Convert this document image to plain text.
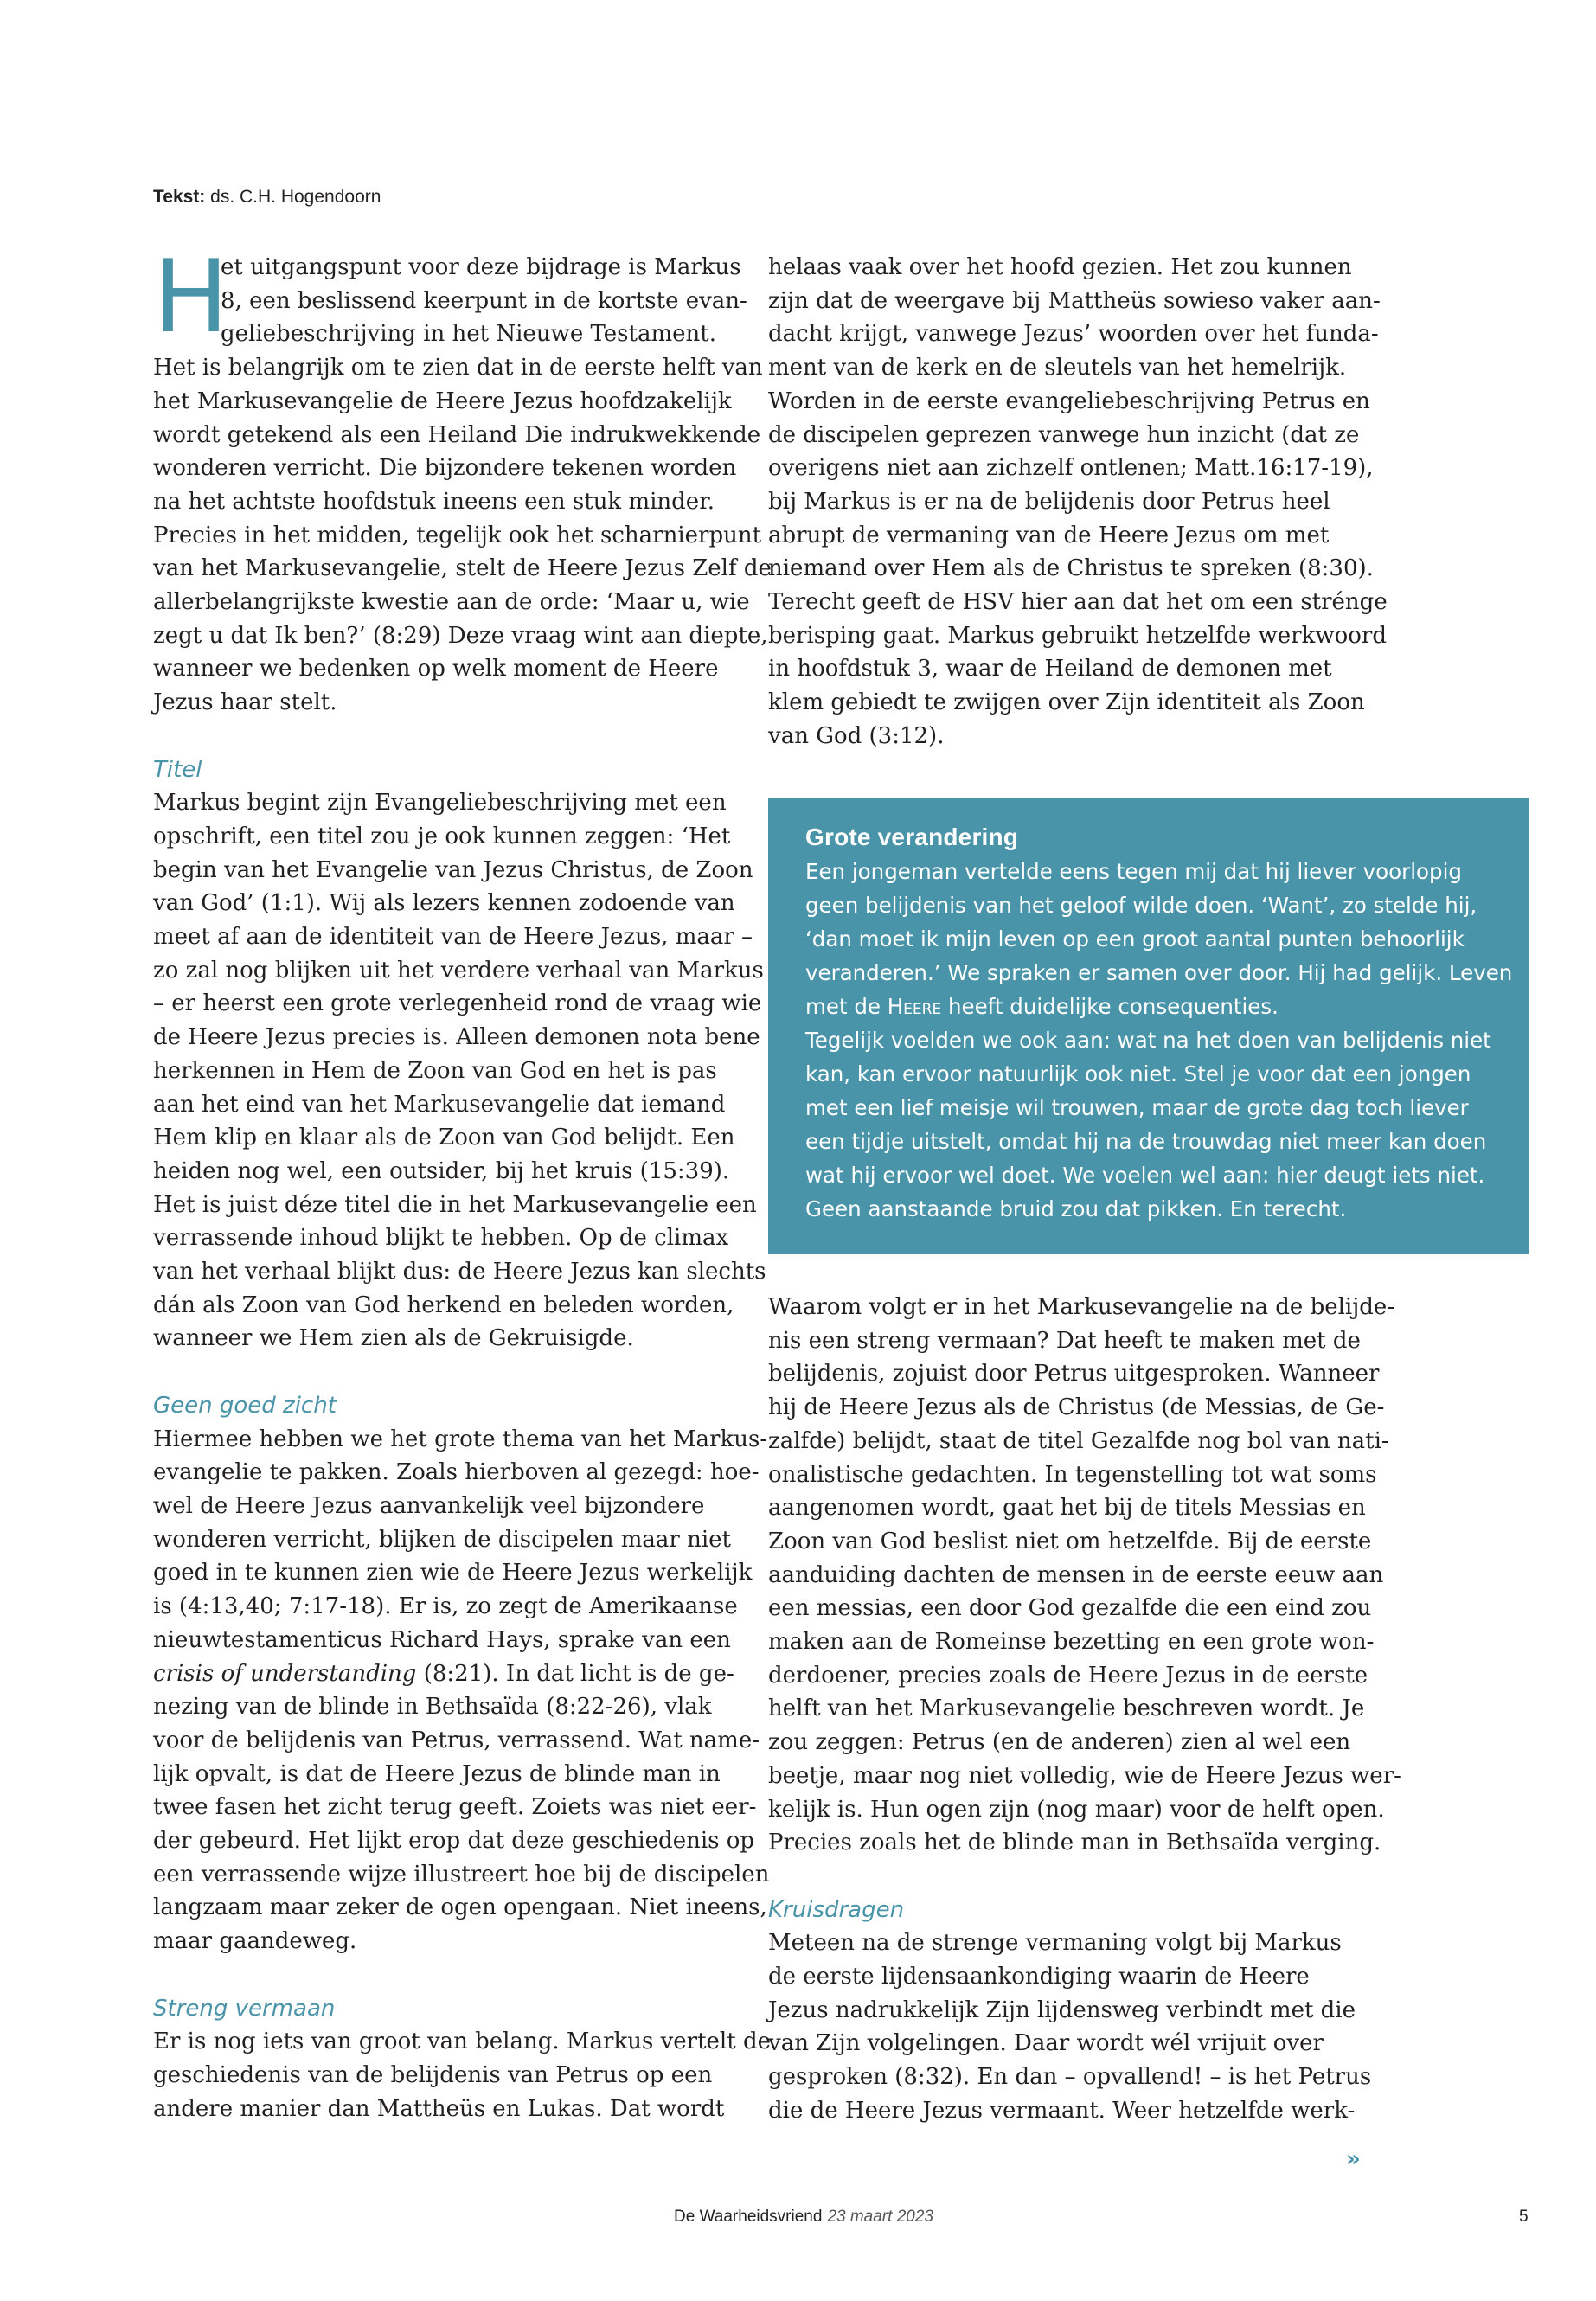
Tekst: ds. C.H. Hogendoorn
H

et uitgangspunt voor deze bijdrage is Markus

8, een beslissend keerpunt in de kortste evan-

geliebeschrijving in het Nieuwe Testament.

Het is belangrijk om te zien dat in de eerste helft van

het Markusevangelie de Heere Jezus hoofdzakelijk

wordt getekend als een Heiland Die indrukwekkende

wonderen verricht. Die bijzondere tekenen worden

na het achtste hoofdstuk ineens een stuk minder.

Precies in het midden, tegelijk ook het scharnierpunt

van het Markusevangelie, stelt de Heere Jezus Zelf de

allerbelangrijkste kwestie aan de orde: ‘Maar u, wie

zegt u dat Ik ben?’ (8:29) Deze vraag wint aan diepte,

wanneer we bedenken op welk moment de Heere

Jezus haar stelt.

Titel

Markus begint zijn Evangeliebeschrijving met een

opschrift, een titel zou je ook kunnen zeggen: ‘Het

begin van het Evangelie van Jezus Christus, de Zoon

van God’ (1:1). Wij als lezers kennen zodoende van

meet af aan de identiteit van de Heere Jezus, maar –

zo zal nog blijken uit het verdere verhaal van Markus

– er heerst een grote verlegenheid rond de vraag wie

de Heere Jezus precies is. Alleen demonen nota bene

herkennen in Hem de Zoon van God en het is pas

aan het eind van het Markusevangelie dat iemand

Hem klip en klaar als de Zoon van God belijdt. Een

heiden nog wel, een outsider, bij het kruis (15:39).

Het is juist déze titel die in het Markusevangelie een

verrassende inhoud blijkt te hebben. Op de climax

van het verhaal blijkt dus: de Heere Jezus kan slechts

dán als Zoon van God herkend en beleden worden,

wanneer we Hem zien als de Gekruisigde.

Geen goed zicht

Hiermee hebben we het grote thema van het Markus-

evangelie te pakken. Zoals hierboven al gezegd: hoe-

wel de Heere Jezus aanvankelijk veel bijzondere

wonderen verricht, blijken de discipelen maar niet

goed in te kunnen zien wie de Heere Jezus werkelijk

is (4:13,40; 7:17-18). Er is, zo zegt de Amerikaanse

nieuwtestamenticus Richard Hays, sprake van een

crisis of understanding (8:21). In dat licht is de ge-

nezing van de blinde in Bethsaïda (8:22-26), vlak

voor de belijdenis van Petrus, verrassend. Wat name-

lijk opvalt, is dat de Heere Jezus de blinde man in

twee fasen het zicht terug geeft. Zoiets was niet eer-

der gebeurd. Het lijkt erop dat deze geschiedenis op

een verrassende wijze illustreert hoe bij de discipelen

langzaam maar zeker de ogen opengaan. Niet ineens,

maar gaandeweg.

Streng vermaan

Er is nog iets van groot van belang. Markus vertelt de

geschiedenis van de belijdenis van Petrus op een

andere manier dan Mattheüs en Lukas. Dat wordt

helaas vaak over het hoofd gezien. Het zou kunnen

zijn dat de weergave bij Mattheüs sowieso vaker aan-

dacht krijgt, vanwege Jezus’ woorden over het funda-

ment van de kerk en de sleutels van het hemelrijk.

Worden in de eerste evangeliebeschrijving Petrus en

de discipelen geprezen vanwege hun inzicht (dat ze

overigens niet aan zichzelf ontlenen; Matt.16:17-19),

bij Markus is er na de belijdenis door Petrus heel

abrupt de vermaning van de Heere Jezus om met

niemand over Hem als de Christus te spreken (8:30).

Terecht geeft de HSV hier aan dat het om een strénge

berisping gaat. Markus gebruikt hetzelfde werkwoord

in hoofdstuk 3, waar de Heiland de demonen met

klem gebiedt te zwijgen over Zijn identiteit als Zoon

van God (3:12).

Grote verandering

Een jongeman vertelde eens tegen mij dat hij liever voorlopig

geen belijdenis van het geloof wilde doen. ‘Want’, zo stelde hij,

‘dan moet ik mijn leven op een groot aantal punten behoorlijk

veranderen.’ We spraken er samen over door. Hij had gelijk. Leven

met de Heere heeft duidelijke consequenties.

Tegelijk voelden we ook aan: wat na het doen van belijdenis niet

kan, kan ervoor natuurlijk ook niet. Stel je voor dat een jongen

met een lief meisje wil trouwen, maar de grote dag toch liever

een tijdje uitstelt, omdat hij na de trouwdag niet meer kan doen

wat hij ervoor wel doet. We voelen wel aan: hier deugt iets niet.

Geen aanstaande bruid zou dat pikken. En terecht.

Waarom volgt er in het Markusevangelie na de belijde-

nis een streng vermaan? Dat heeft te maken met de

belijdenis, zojuist door Petrus uitgesproken. Wanneer

hij de Heere Jezus als de Christus (de Messias, de Ge-

zalfde) belijdt, staat de titel Gezalfde nog bol van nati-

onalistische gedachten. In tegenstelling tot wat soms

aangenomen wordt, gaat het bij de titels Messias en

Zoon van God beslist niet om hetzelfde. Bij de eerste

aanduiding dachten de mensen in de eerste eeuw aan

een messias, een door God gezalfde die een eind zou

maken aan de Romeinse bezetting en een grote won-

derdoener, precies zoals de Heere Jezus in de eerste

helft van het Markusevangelie beschreven wordt. Je

zou zeggen: Petrus (en de anderen) zien al wel een

beetje, maar nog niet volledig, wie de Heere Jezus wer-

kelijk is. Hun ogen zijn (nog maar) voor de helft open.

Precies zoals het de blinde man in Bethsaïda verging.

Kruisdragen

Meteen na de strenge vermaning volgt bij Markus

de eerste lijdensaankondiging waarin de Heere

Jezus nadrukkelijk Zijn lijdensweg verbindt met die

van Zijn volgelingen. Daar wordt wél vrijuit over

gesproken (8:32). En dan – opvallend! – is het Petrus

die de Heere Jezus vermaant. Weer hetzelfde werk-

»
De Waarheidsvriend 23 maart 2023	5
